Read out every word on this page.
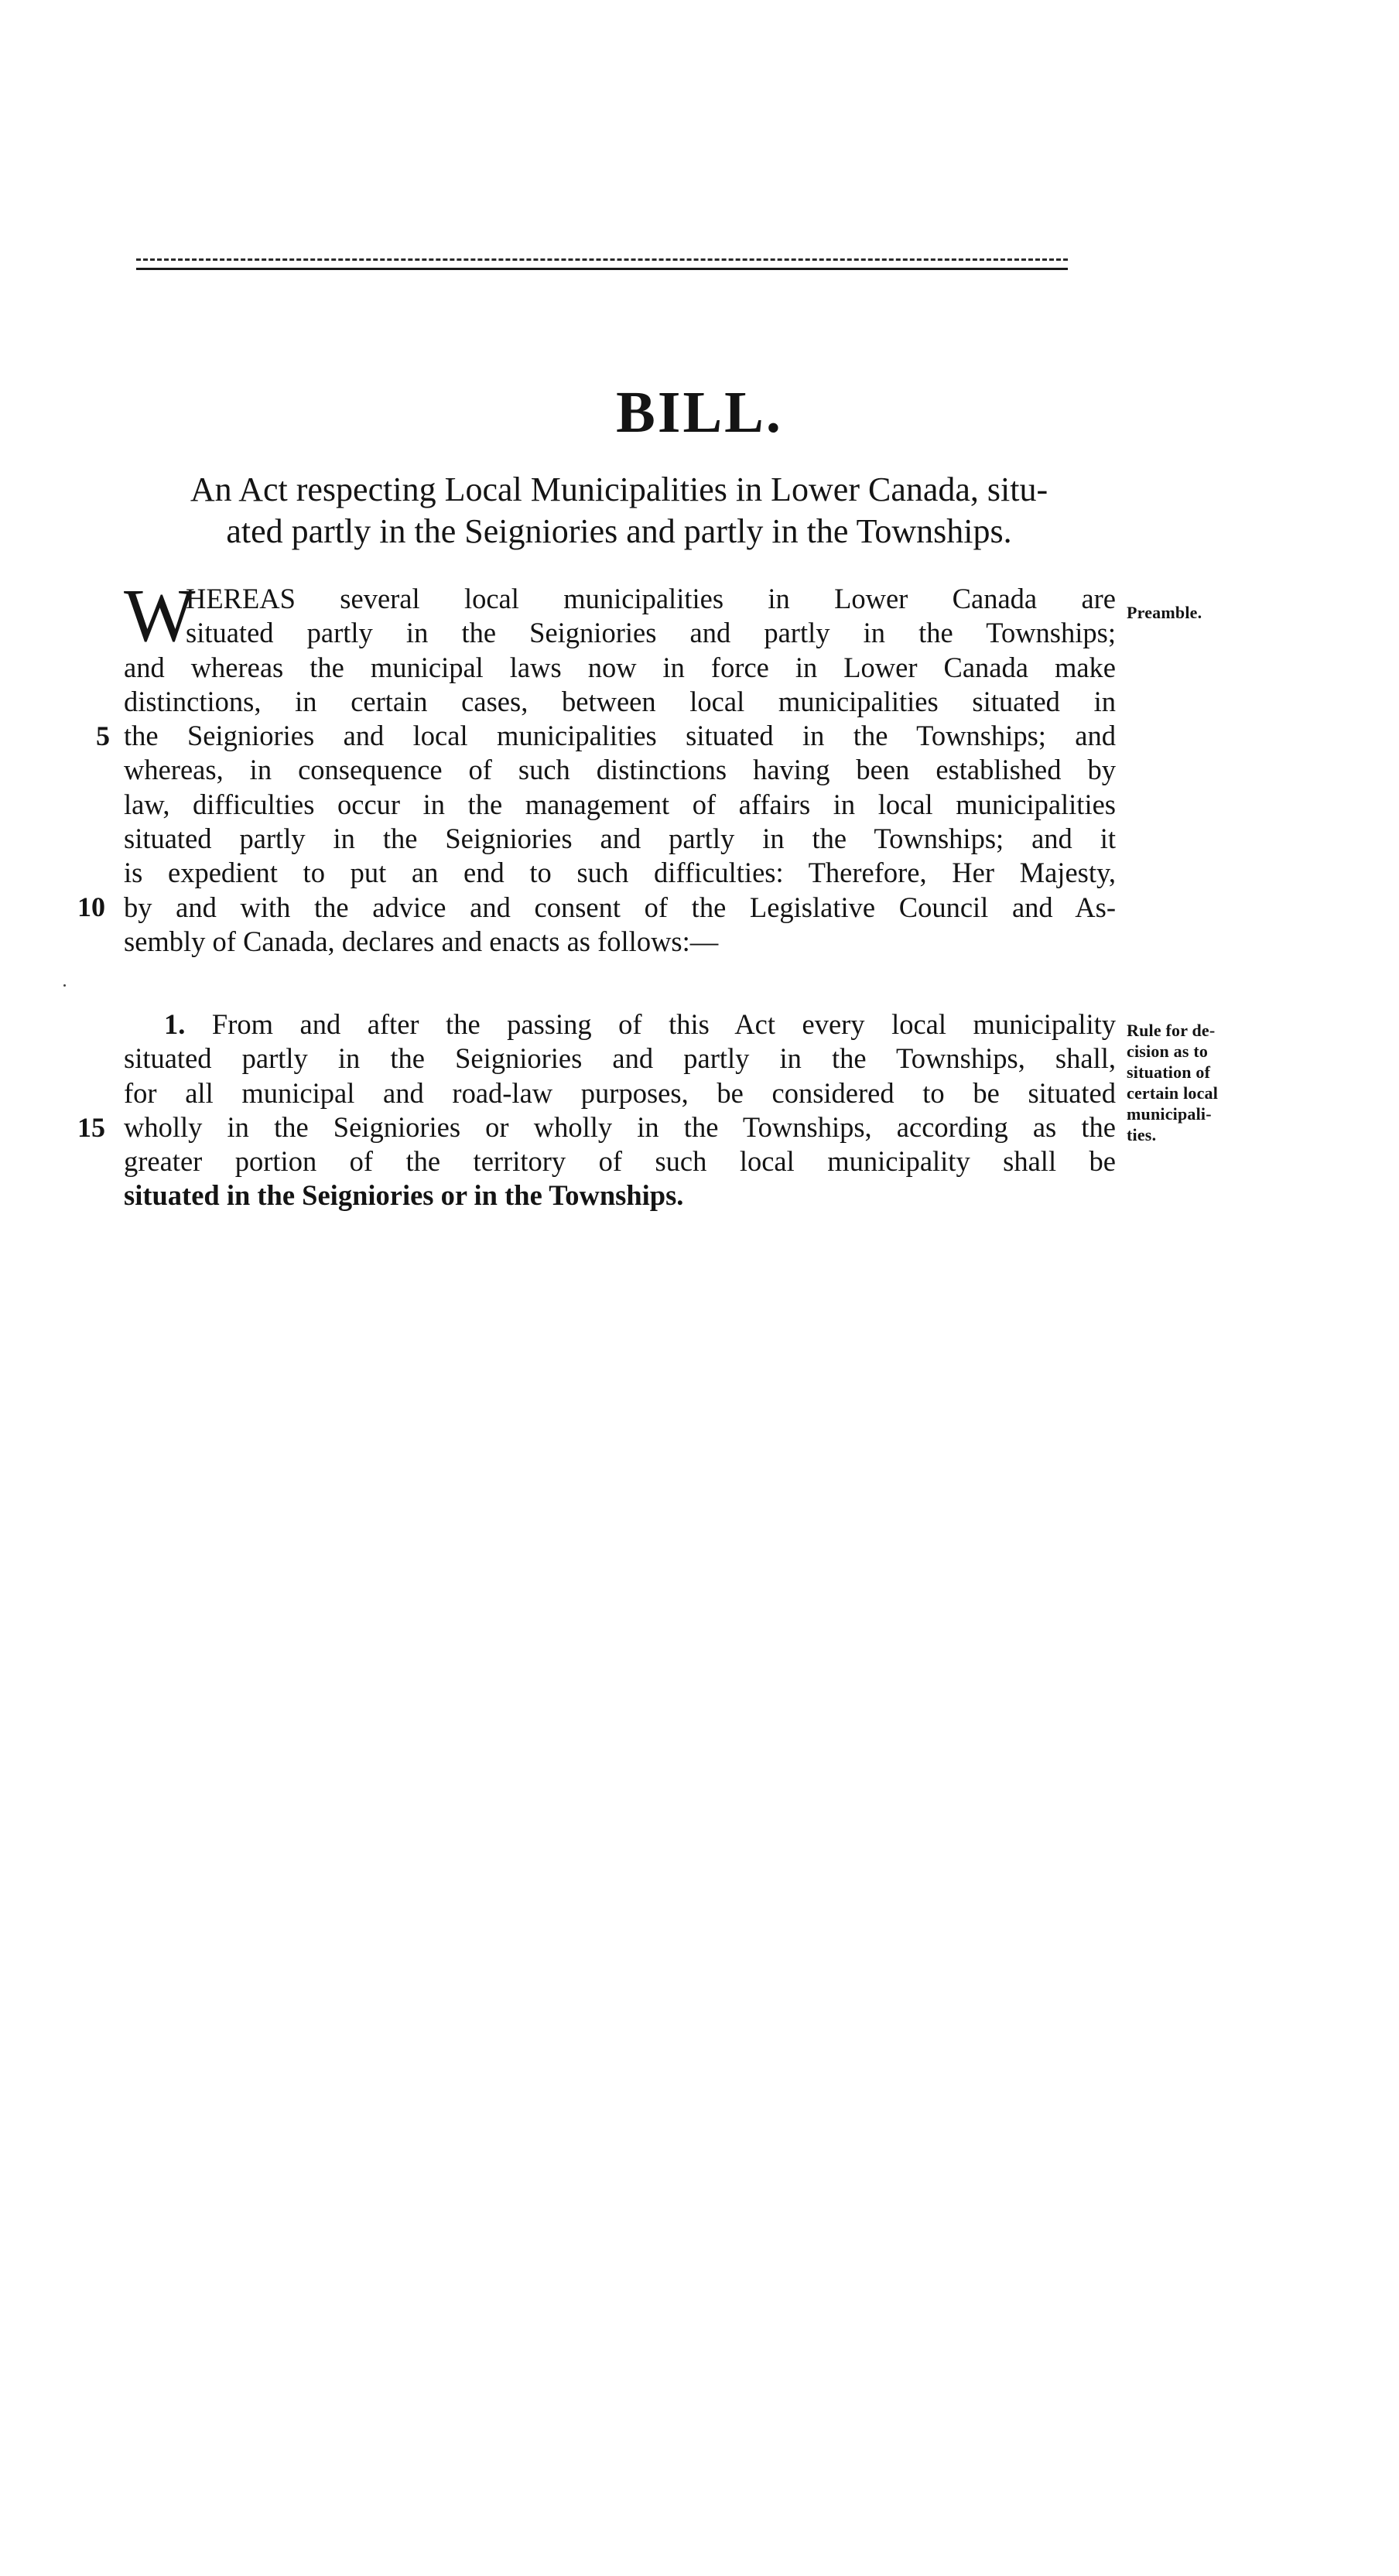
BILL.
An Act respecting Local Municipalities in Lower Canada, situ-
ated partly in the Seigniories and partly in the Townships.
W
HEREAS several local municipalities in Lower Canada are
situated partly in the Seigniories and partly in the Townships;
and whereas the municipal laws now in force in Lower Canada make
distinctions, in certain cases, between local municipalities situated in
the Seigniories and local municipalities situated in the Townships; and
whereas, in consequence of such distinctions having been established by
law, difficulties occur in the management of affairs in local municipalities
situated partly in the Seigniories and partly in the Townships; and it
is expedient to put an end to such difficulties: Therefore, Her Majesty,
by and with the advice and consent of the Legislative Council and As-
sembly of Canada, declares and enacts as follows:—
1. From and after the passing of this Act every local municipality
situated partly in the Seigniories and partly in the Townships, shall,
for all municipal and road-law purposes, be considered to be situated
wholly in the Seigniories or wholly in the Townships, according as the
greater portion of the territory of such local municipality shall be
situated in the Seigniories or in the Townships.
5
10
15
Preamble.
Rule for de-
cision as to
situation of
certain local
municipali-
ties.
